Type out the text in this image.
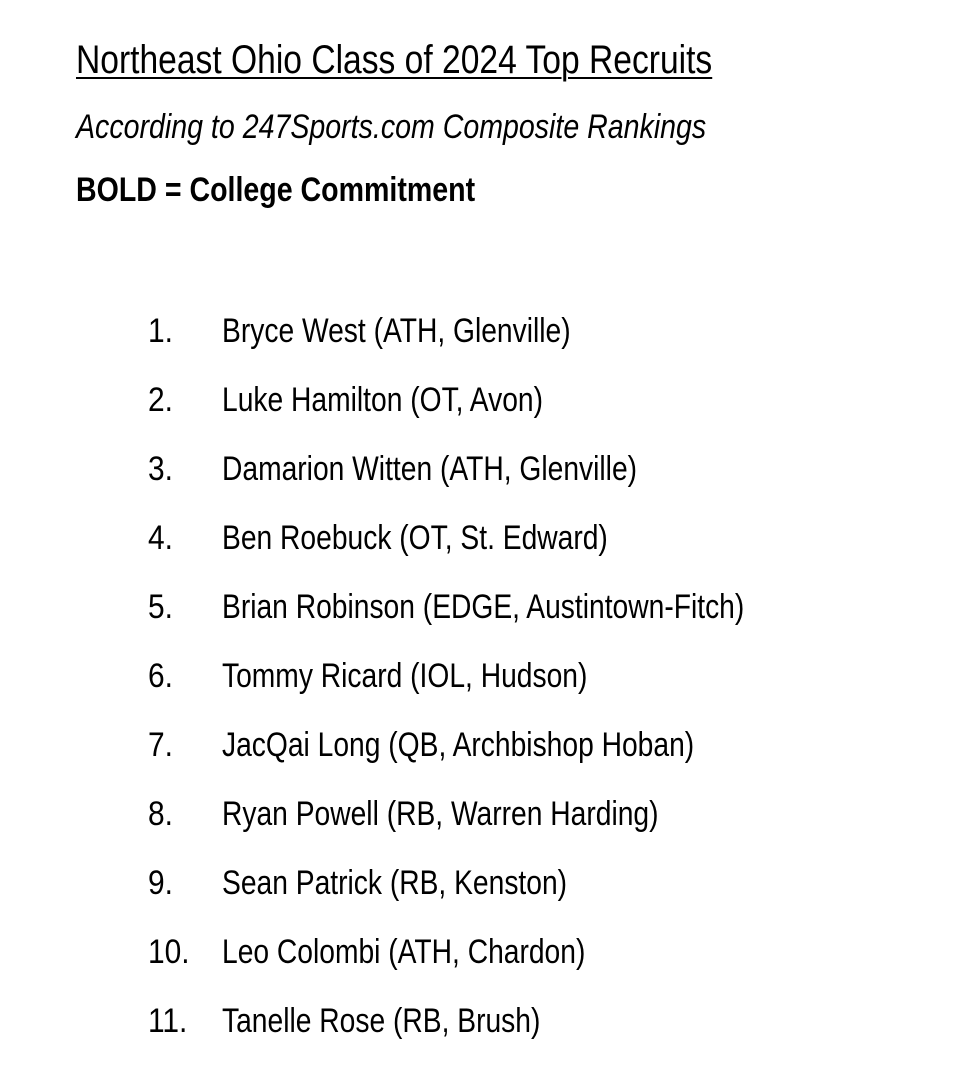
Northeast Ohio Class of 2024 Top Recruits

According to 247Sports.com Composite Rankings

BOLD = College Commitment

1. Bryce West (ATH, Glenville)
2. Luke Hamilton (OT, Avon)
3. Damarion Witten (ATH, Glenville)
4. Ben Roebuck (OT, St. Edward)
5. Brian Robinson (EDGE, Austintown-Fitch)
6. Tommy Ricard (IOL, Hudson)
7. JacQai Long (QB, Archbishop Hoban)
8. Ryan Powell (RB, Warren Harding)
9. Sean Patrick (RB, Kenston)
10. Leo Colombi (ATH, Chardon)
11. Tanelle Rose (RB, Brush)
